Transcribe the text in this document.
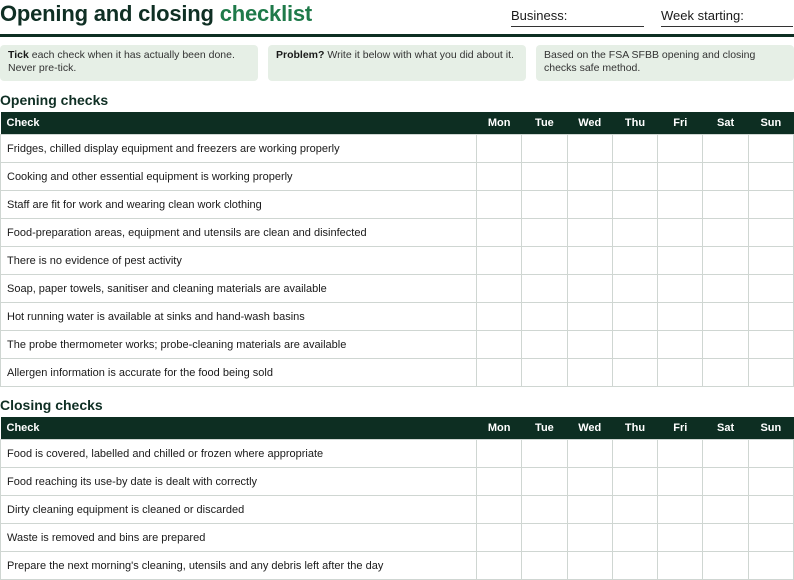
Opening and closing checklist	Business:	Week starting:
Tick each check when it has actually been done. Never pre-tick.
Problem? Write it below with what you did about it.	Based on the FSA SFBB opening and closing checks safe method.
Opening checks
Check	Mon	Tue	Wed	Thu	Fri	Sat	Sun
Fridges, chilled display equipment and freezers are working properly							
Cooking and other essential equipment is working properly							
Staff are fit for work and wearing clean work clothing							
Food-preparation areas, equipment and utensils are clean and disinfected							
There is no evidence of pest activity							
Soap, paper towels, sanitiser and cleaning materials are available							
Hot running water is available at sinks and hand-wash basins							
The probe thermometer works; probe-cleaning materials are available							
Allergen information is accurate for the food being sold							
Closing checks
Check	Mon	Tue	Wed	Thu	Fri	Sat	Sun
Food is covered, labelled and chilled or frozen where appropriate							
Food reaching its use-by date is dealt with correctly							
Dirty cleaning equipment is cleaned or discarded							
Waste is removed and bins are prepared							
Prepare the next morning's cleaning, utensils and any debris left after the day							
